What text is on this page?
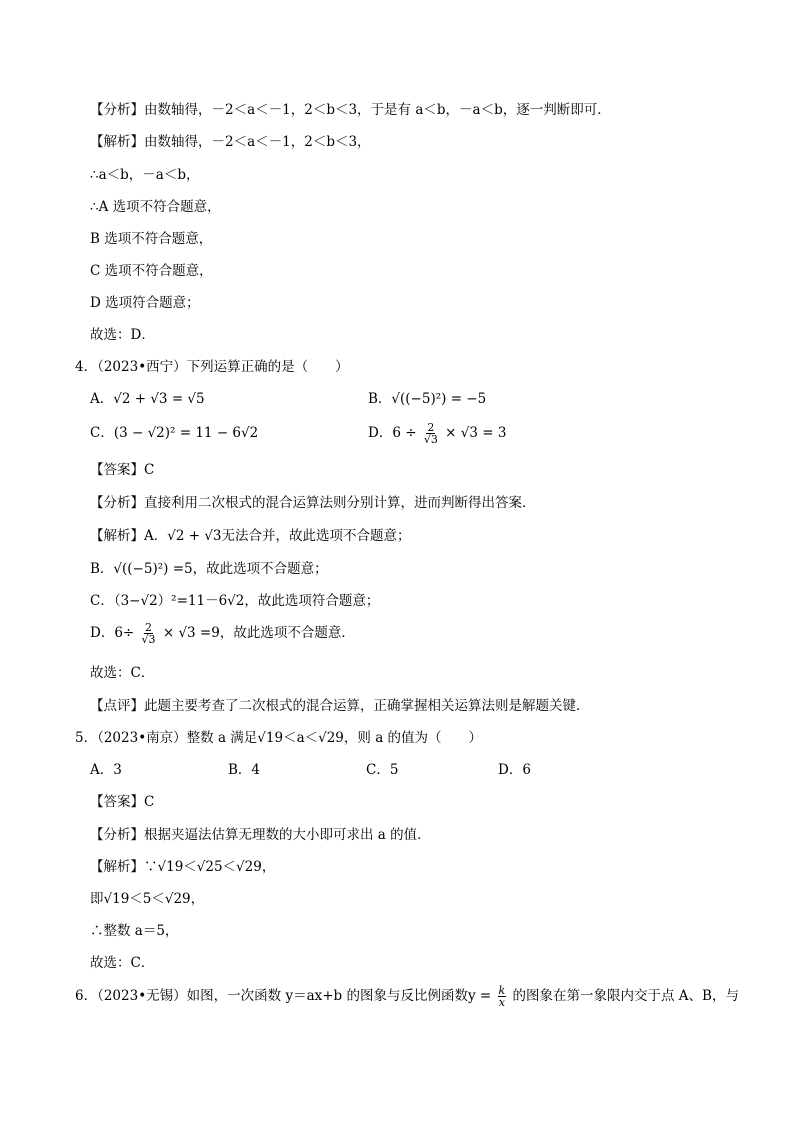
【分析】由数轴得，－2＜a＜－1，2＜b＜3，于是有 a＜b，－a＜b，逐一判断即可．
【解析】由数轴得，－2＜a＜－1，2＜b＜3，
∴a＜b，－a＜b，
∴A 选项不符合题意，
B 选项不符合题意，
C 选项不符合题意，
D 选项符合题意；
故选：D．
4．（2023•西宁）下列运算正确的是（　　）
A．√2 + √3 = √5	B．√((−5)²) = −5
C．(3 − √2)² = 11 − 6√2	D．$6 \div \frac{2}{√3} \times √3 = 3$
【答案】C
【分析】直接利用二次根式的混合运算法则分别计算，进而判断得出答案．
【解析】A．√2 + √3无法合并，故此选项不合题意；
B．√((−5)²) =5，故此选项不合题意；
C．（3−√2）²=11－6√2，故此选项符合题意；
D．$6\div \frac{2}{√3} \times √3 =9$，故此选项不合题意．
故选：C．
【点评】此题主要考查了二次根式的混合运算，正确掌握相关运算法则是解题关键．
5．（2023•南京）整数 a 满足√19＜a＜√29，则 a 的值为（　　）
A．3	B．4	C．5	D．6
【答案】C
【分析】根据夹逼法估算无理数的大小即可求出 a 的值．
【解析】∵√19＜√25＜√29，
即√19＜5＜√29，
∴整数 a＝5，
故选：C．
6．（2023•无锡）如图，一次函数 y＝ax+b 的图象与反比例函数$y = \frac{k}{x}$ 的图象在第一象限内交于点 A、B，与
